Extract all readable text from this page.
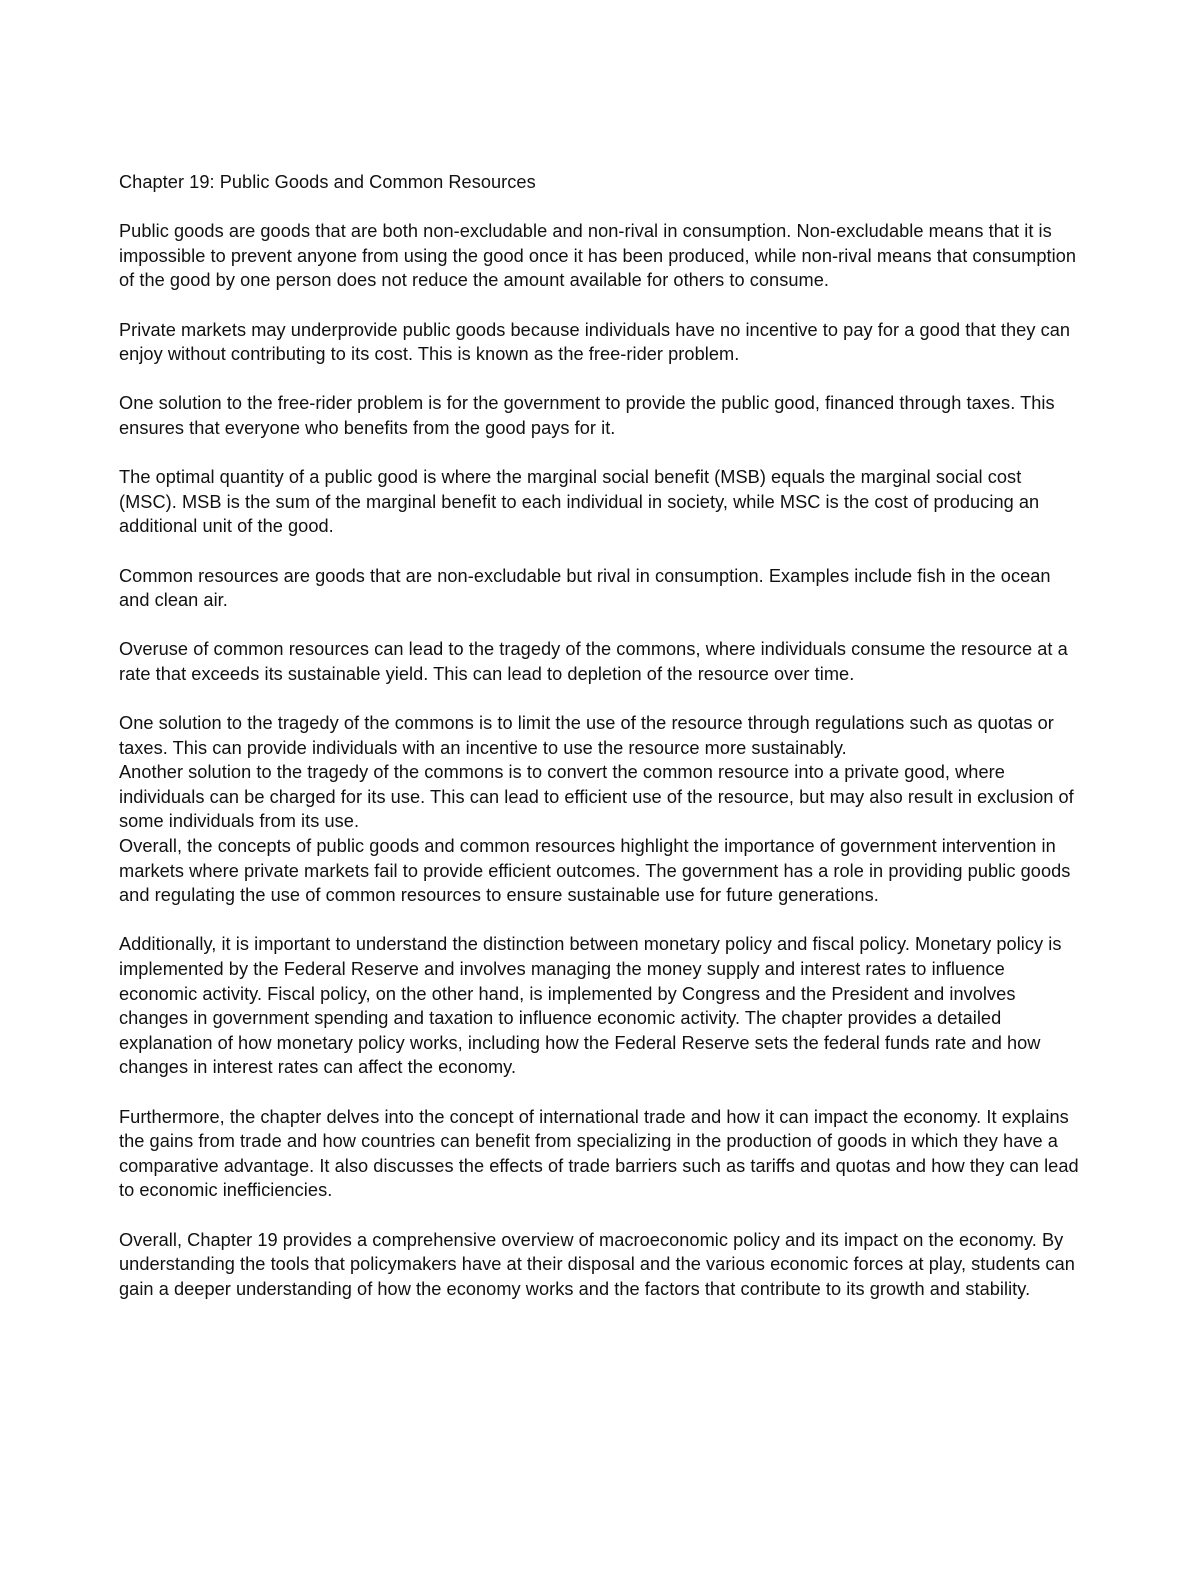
Chapter 19: Public Goods and Common Resources
Public goods are goods that are both non-excludable and non-rival in consumption. Non-excludable means that it is impossible to prevent anyone from using the good once it has been produced, while non-rival means that consumption of the good by one person does not reduce the amount available for others to consume.
Private markets may underprovide public goods because individuals have no incentive to pay for a good that they can enjoy without contributing to its cost. This is known as the free-rider problem.
One solution to the free-rider problem is for the government to provide the public good, financed through taxes. This ensures that everyone who benefits from the good pays for it.
The optimal quantity of a public good is where the marginal social benefit (MSB) equals the marginal social cost (MSC). MSB is the sum of the marginal benefit to each individual in society, while MSC is the cost of producing an additional unit of the good.
Common resources are goods that are non-excludable but rival in consumption. Examples include fish in the ocean and clean air.
Overuse of common resources can lead to the tragedy of the commons, where individuals consume the resource at a rate that exceeds its sustainable yield. This can lead to depletion of the resource over time.
One solution to the tragedy of the commons is to limit the use of the resource through regulations such as quotas or taxes. This can provide individuals with an incentive to use the resource more sustainably.
Another solution to the tragedy of the commons is to convert the common resource into a private good, where individuals can be charged for its use. This can lead to efficient use of the resource, but may also result in exclusion of some individuals from its use.
Overall, the concepts of public goods and common resources highlight the importance of government intervention in markets where private markets fail to provide efficient outcomes. The government has a role in providing public goods and regulating the use of common resources to ensure sustainable use for future generations.
Additionally, it is important to understand the distinction between monetary policy and fiscal policy. Monetary policy is implemented by the Federal Reserve and involves managing the money supply and interest rates to influence economic activity. Fiscal policy, on the other hand, is implemented by Congress and the President and involves changes in government spending and taxation to influence economic activity. The chapter provides a detailed explanation of how monetary policy works, including how the Federal Reserve sets the federal funds rate and how changes in interest rates can affect the economy.
Furthermore, the chapter delves into the concept of international trade and how it can impact the economy. It explains the gains from trade and how countries can benefit from specializing in the production of goods in which they have a comparative advantage. It also discusses the effects of trade barriers such as tariffs and quotas and how they can lead to economic inefficiencies.
Overall, Chapter 19 provides a comprehensive overview of macroeconomic policy and its impact on the economy. By understanding the tools that policymakers have at their disposal and the various economic forces at play, students can gain a deeper understanding of how the economy works and the factors that contribute to its growth and stability.
